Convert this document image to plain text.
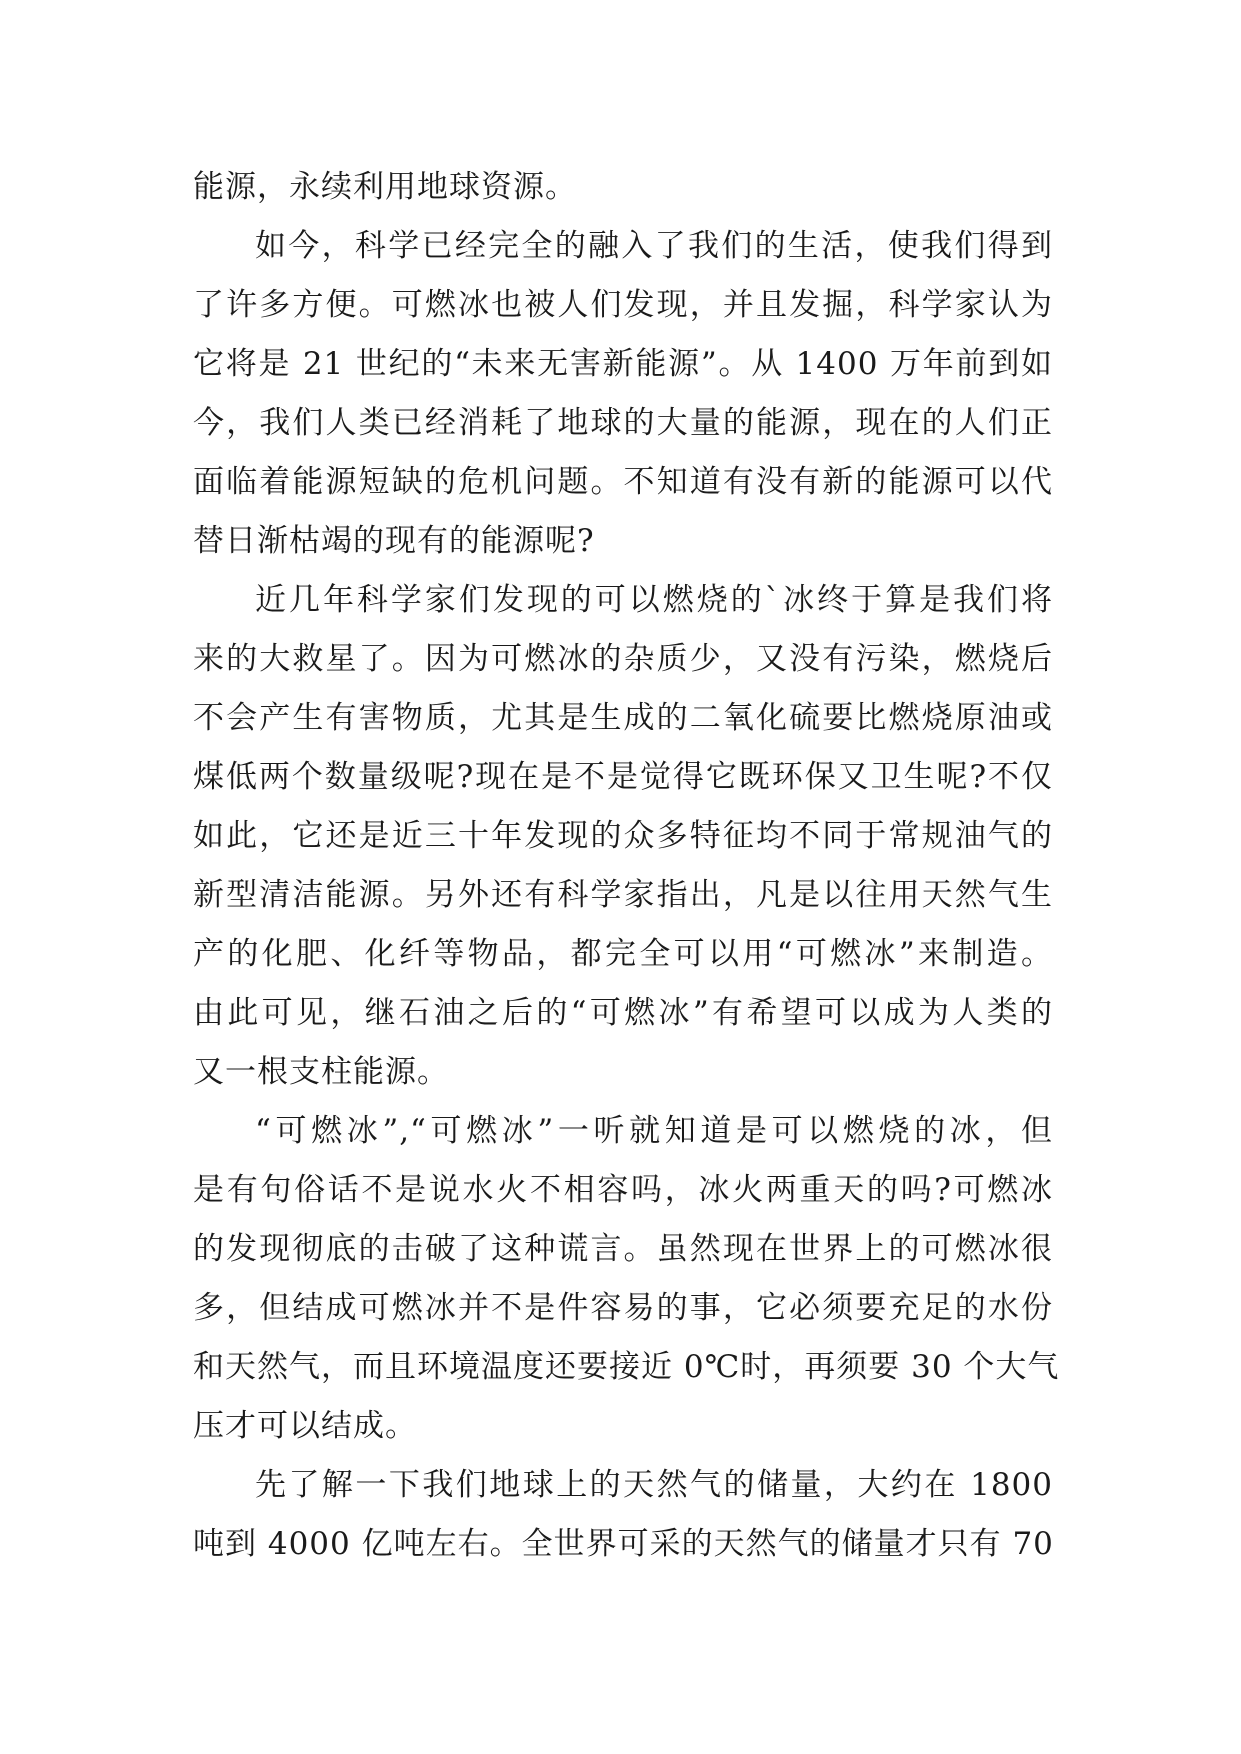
能源，永续利用地球资源。
如今，科学已经完全的融入了我们的生活，使我们得到
了许多方便。可燃冰也被人们发现，并且发掘，科学家认为
它将是 21 世纪的“未来无害新能源”。从 1400 万年前到如
今，我们人类已经消耗了地球的大量的能源，现在的人们正
面临着能源短缺的危机问题。不知道有没有新的能源可以代
替日渐枯竭的现有的能源呢?
近几年科学家们发现的可以燃烧的`冰终于算是我们将
来的大救星了。因为可燃冰的杂质少，又没有污染，燃烧后
不会产生有害物质，尤其是生成的二氧化硫要比燃烧原油或
煤低两个数量级呢?现在是不是觉得它既环保又卫生呢?不仅
如此，它还是近三十年发现的众多特征均不同于常规油气的
新型清洁能源。另外还有科学家指出，凡是以往用天然气生
产的化肥、化纤等物品，都完全可以用“可燃冰”来制造。
由此可见，继石油之后的“可燃冰”有希望可以成为人类的
又一根支柱能源。
“可燃冰”,“可燃冰”一听就知道是可以燃烧的冰，但
是有句俗话不是说水火不相容吗，冰火两重天的吗?可燃冰
的发现彻底的击破了这种谎言。虽然现在世界上的可燃冰很
多，但结成可燃冰并不是件容易的事，它必须要充足的水份
和天然气，而且环境温度还要接近 0℃时，再须要 30 个大气
压才可以结成。
先了解一下我们地球上的天然气的储量，大约在 1800
吨到 4000 亿吨左右。全世界可采的天然气的储量才只有 70
